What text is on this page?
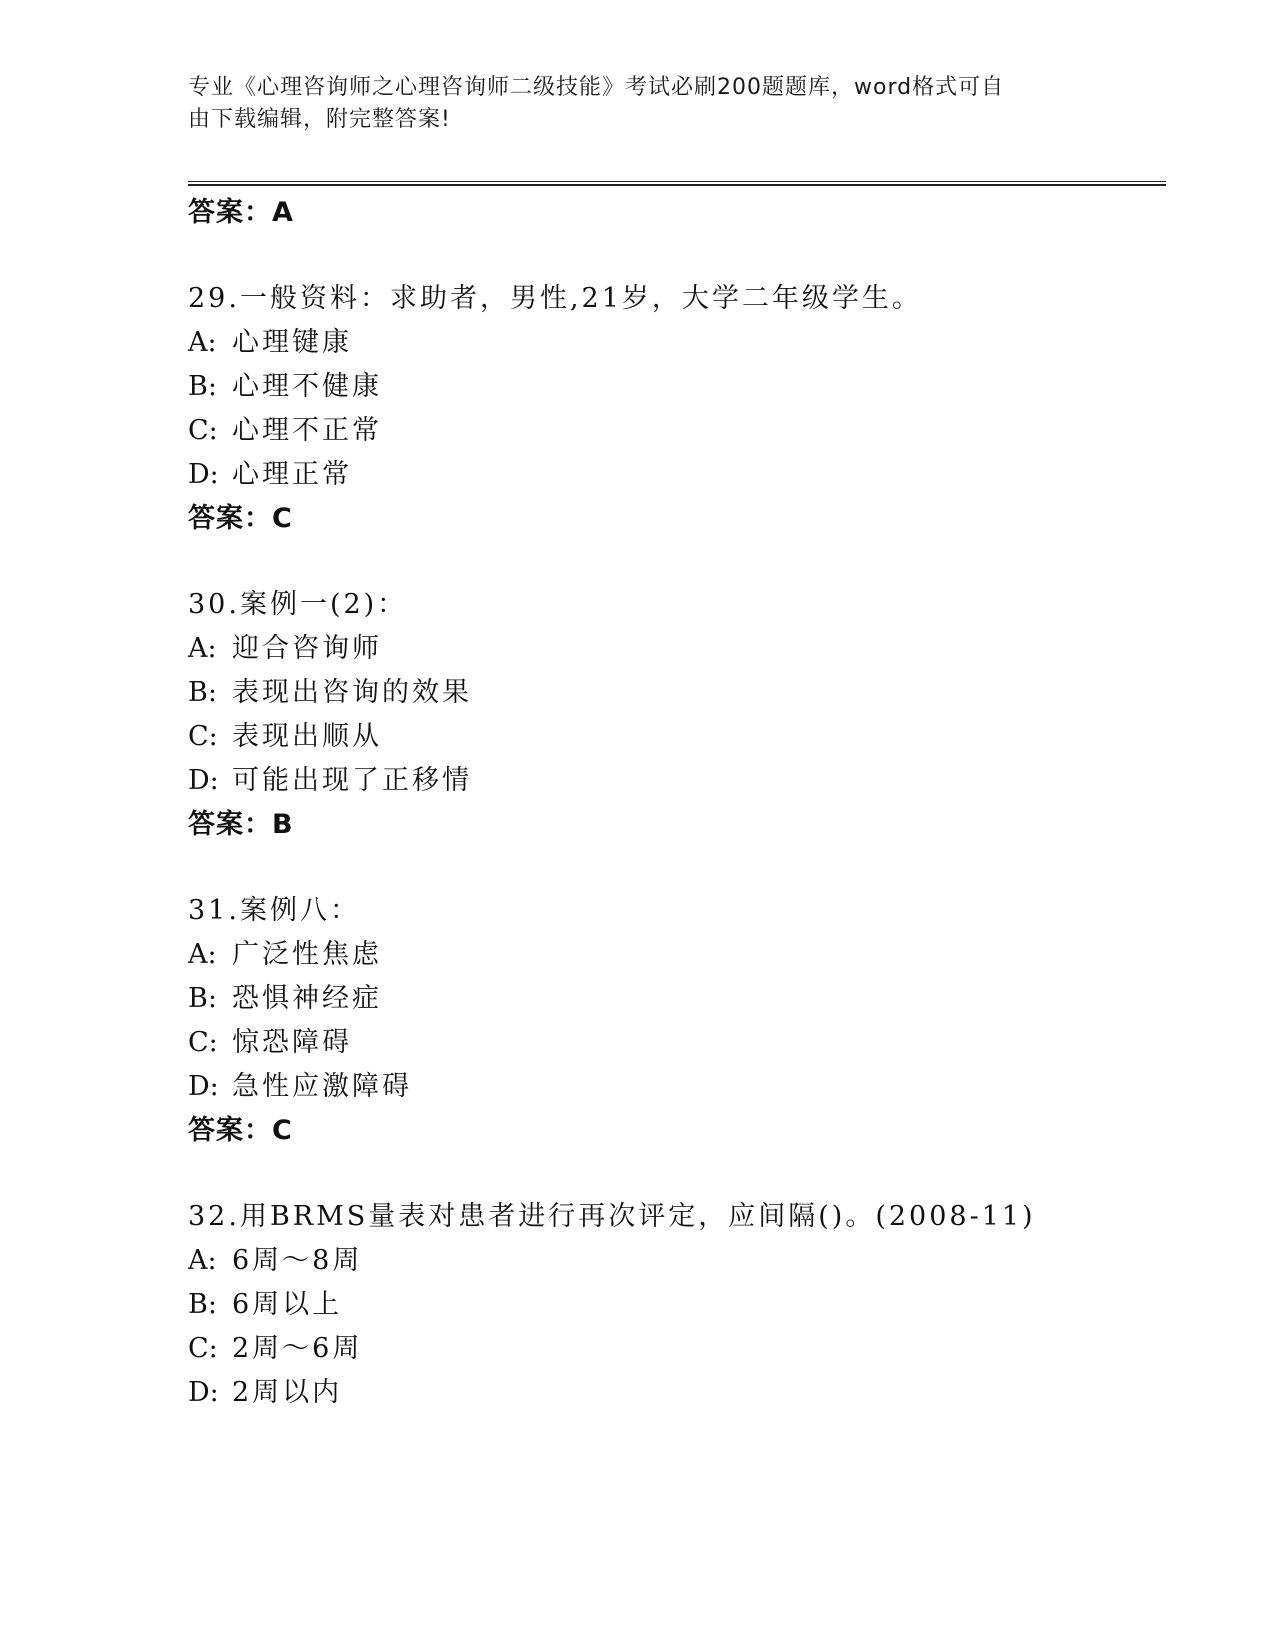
专业《心理咨询师之心理咨询师二级技能》考试必刷200题题库，word格式可自

由下载编辑，附完整答案!

答案：A
29.一般资料：求助者，男性,21岁，大学二年级学生。
A: 心理键康
B: 心理不健康
C: 心理不正常
D: 心理正常
答案：C
30.案例一(2)：
A: 迎合咨询师
B: 表现出咨询的效果
C: 表现出顺从
D: 可能出现了正移情
答案：B
31.案例八：
A: 广泛性焦虑
B: 恐惧神经症
C: 惊恐障碍
D: 急性应激障碍
答案：C
32.用BRMS量表对患者进行再次评定，应间隔()。(2008-11)
A: 6周～8周
B: 6周以上
C: 2周～6周
D: 2周以内
